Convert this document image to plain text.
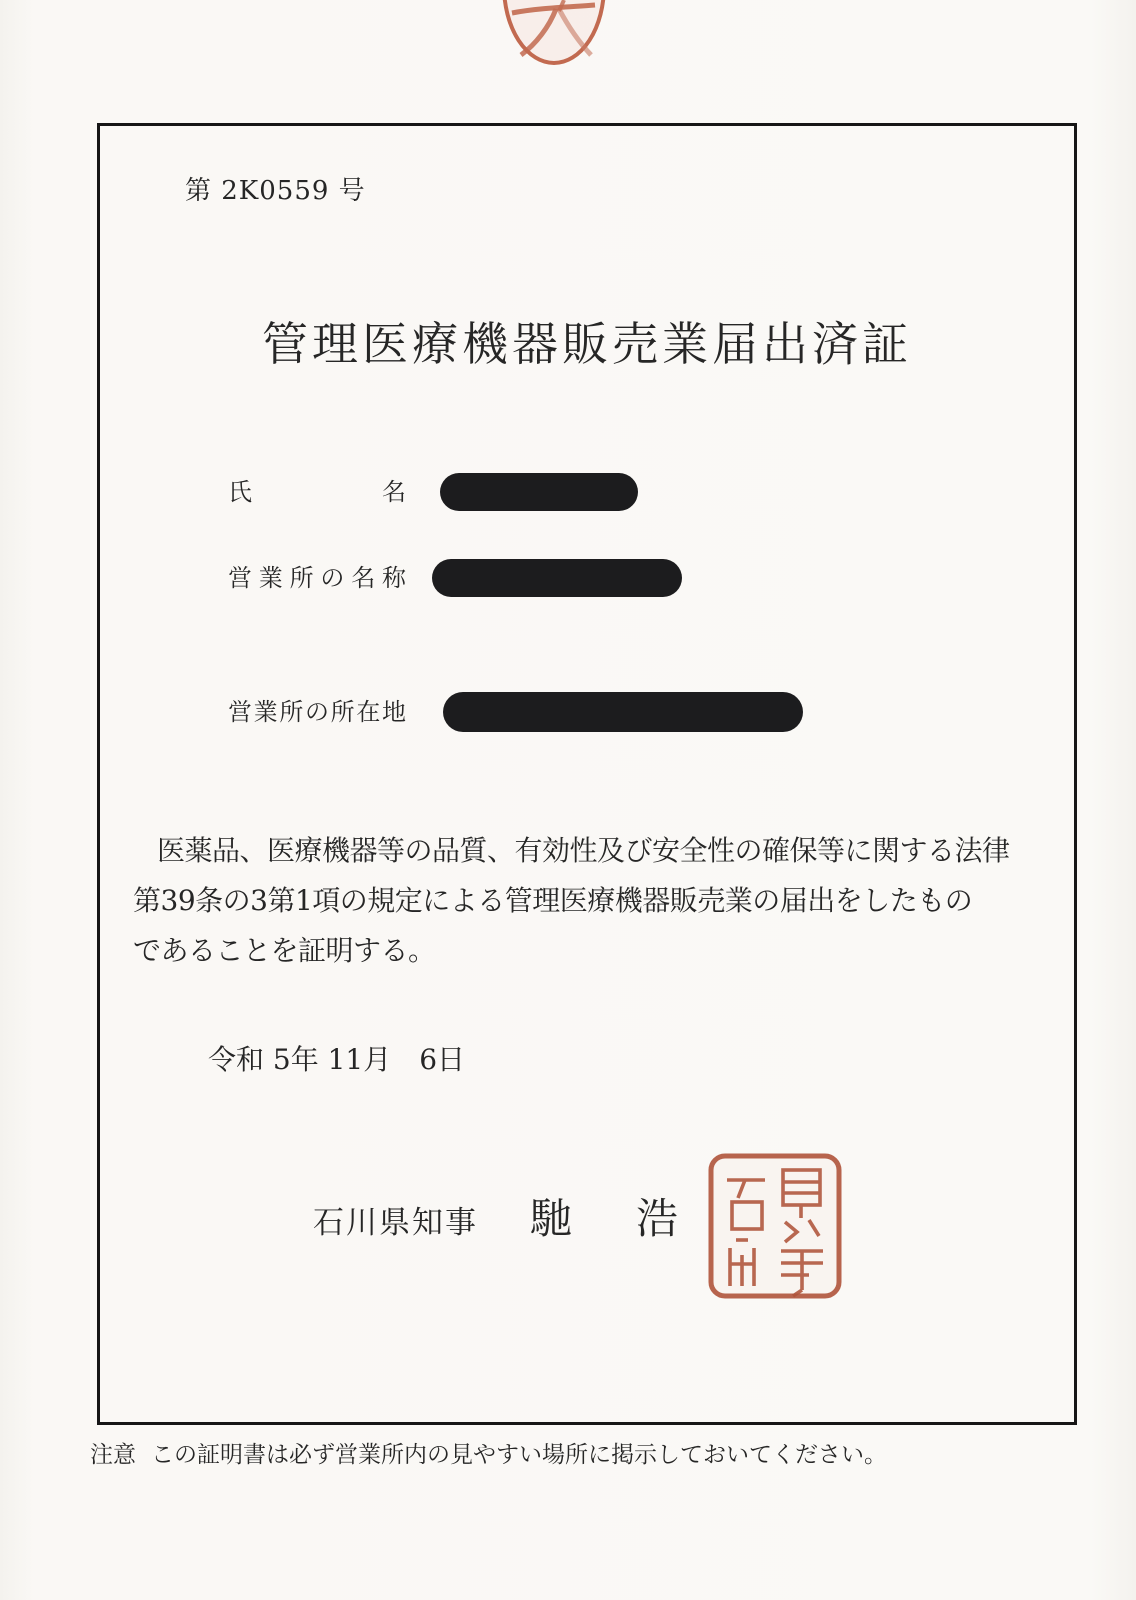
第 2K0559 号
管理医療機器販売業届出済証
氏名
営業所の名称
営業所の所在地
医薬品、医療機器等の品質、有効性及び安全性の確保等に関する法律
第39条の3第1項の規定による管理医療機器販売業の届出をしたもの
であることを証明する。
令和 5年 11月　6日
石川県知事 馳 浩
注意 この証明書は必ず営業所内の見やすい場所に掲示しておいてください。
